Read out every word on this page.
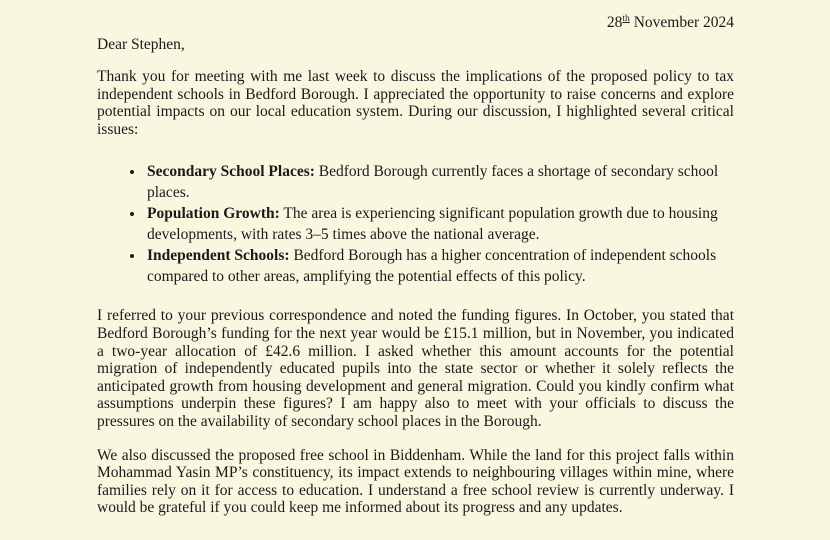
28th November 2024
Dear Stephen,

Thank you for meeting with me last week to discuss the implications of the proposed policy to tax independent schools in Bedford Borough. I appreciated the opportunity to raise concerns and explore potential impacts on our local education system. During our discussion, I highlighted several critical issues:

• Secondary School Places: Bedford Borough currently faces a shortage of secondary school places.
• Population Growth: The area is experiencing significant population growth due to housing developments, with rates 3–5 times above the national average.
• Independent Schools: Bedford Borough has a higher concentration of independent schools compared to other areas, amplifying the potential effects of this policy.

I referred to your previous correspondence and noted the funding figures. In October, you stated that Bedford Borough’s funding for the next year would be £15.1 million, but in November, you indicated a two-year allocation of £42.6 million. I asked whether this amount accounts for the potential migration of independently educated pupils into the state sector or whether it solely reflects the anticipated growth from housing development and general migration. Could you kindly confirm what assumptions underpin these figures? I am happy also to meet with your officials to discuss the pressures on the availability of secondary school places in the Borough.

We also discussed the proposed free school in Biddenham. While the land for this project falls within Mohammad Yasin MP’s constituency, its impact extends to neighbouring villages within mine, where families rely on it for access to education. I understand a free school review is currently underway. I would be grateful if you could keep me informed about its progress and any updates.
